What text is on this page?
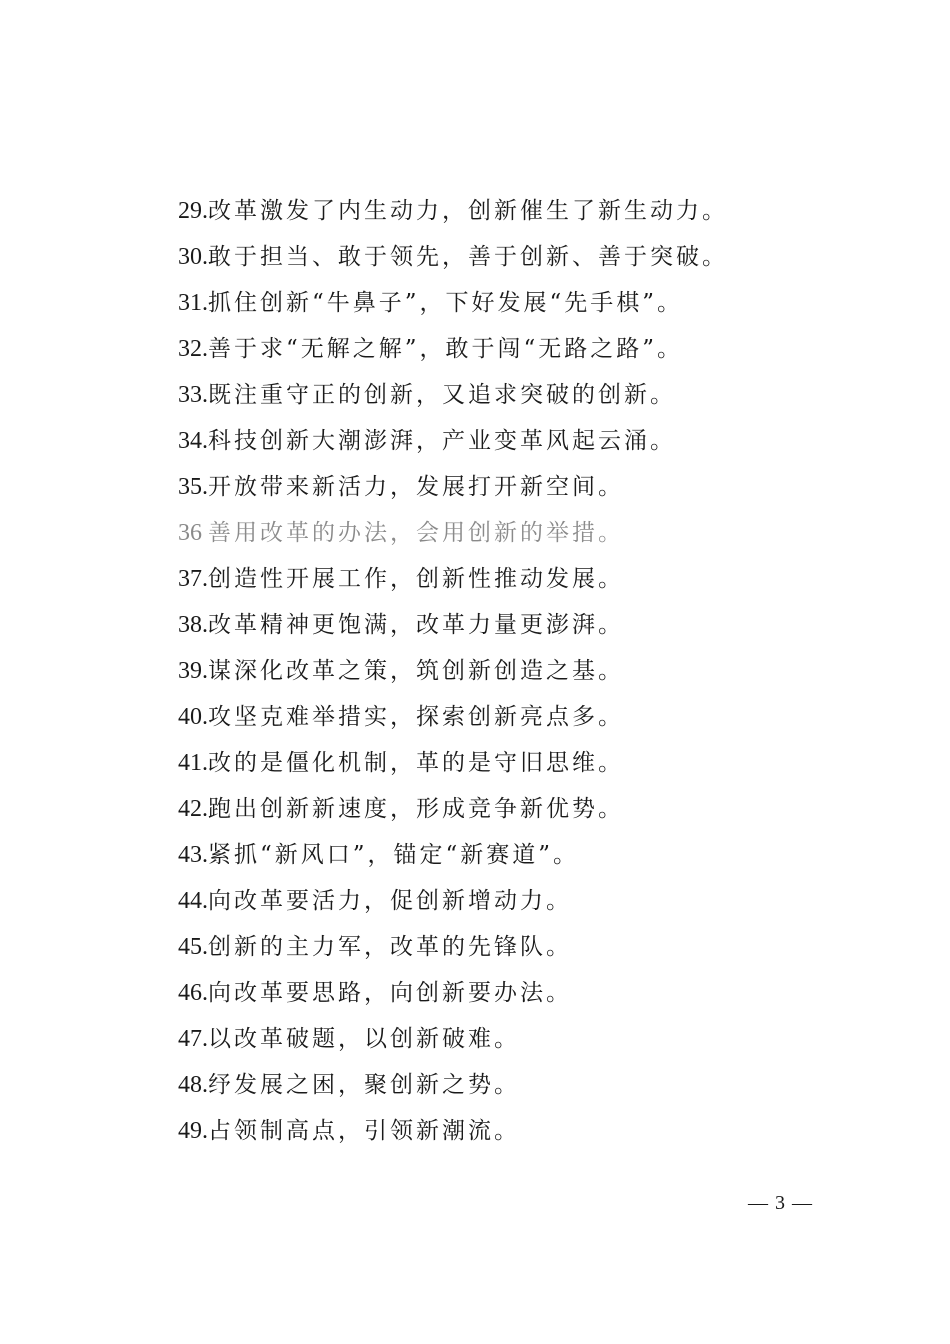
29.改革激发了内生动力，创新催生了新生动力。
30.敢于担当、敢于领先，善于创新、善于突破。
31.抓住创新“牛鼻子”，下好发展“先手棋”。
32.善于求“无解之解”，敢于闯“无路之路”。
33.既注重守正的创新，又追求突破的创新。
34.科技创新大潮澎湃，产业变革风起云涌。
35.开放带来新活力，发展打开新空间。
36 善用改革的办法，会用创新的举措。
37.创造性开展工作，创新性推动发展。
38.改革精神更饱满，改革力量更澎湃。
39.谋深化改革之策，筑创新创造之基。
40.攻坚克难举措实，探索创新亮点多。
41.改的是僵化机制，革的是守旧思维。
42.跑出创新新速度，形成竞争新优势。
43.紧抓“新风口”，锚定“新赛道”。
44.向改革要活力，促创新增动力。
45.创新的主力军，改革的先锋队。
46.向改革要思路，向创新要办法。
47.以改革破题，以创新破难。
48.纾发展之困，聚创新之势。
49.占领制高点，引领新潮流。
— 3 —
